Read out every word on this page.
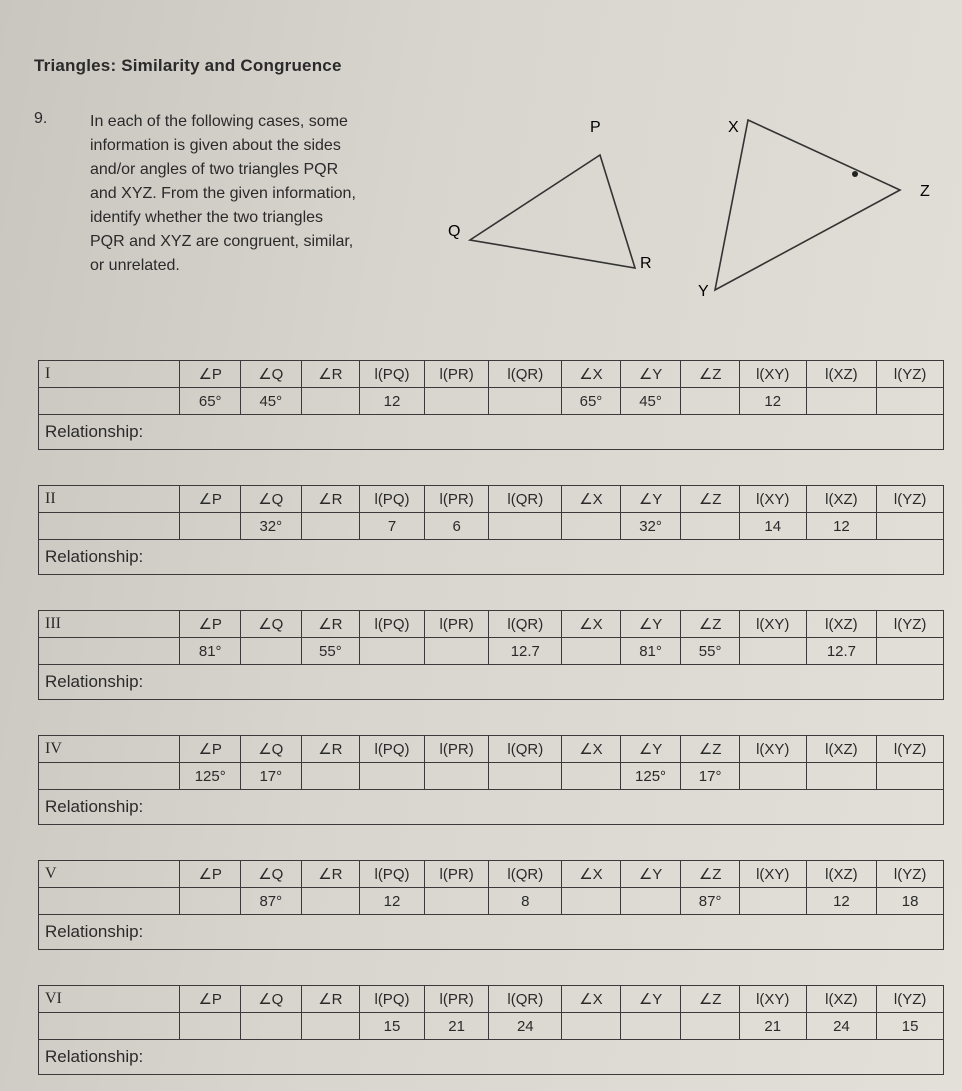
Triangles: Similarity and Congruence
9.	In each of the following cases, some
information is given about the sides
and/or angles of two triangles PQR
and XYZ. From the given information,
identify whether the two triangles
PQR and XYZ are congruent, similar,
or unrelated.
P
Q
R
X
Z
Y
I	∠P	∠Q	∠R	l(PQ)	l(PR)	l(QR)	∠X	∠Y	∠Z	l(XY)	l(XZ)	l(YZ)
	65°	45°		12			65°	45°		12		
Relationship:
II	∠P	∠Q	∠R	l(PQ)	l(PR)	l(QR)	∠X	∠Y	∠Z	l(XY)	l(XZ)	l(YZ)
		32°		7	6			32°		14	12	
Relationship:
III	∠P	∠Q	∠R	l(PQ)	l(PR)	l(QR)	∠X	∠Y	∠Z	l(XY)	l(XZ)	l(YZ)
	81°		55°			12.7		81°	55°		12.7	
Relationship:
IV	∠P	∠Q	∠R	l(PQ)	l(PR)	l(QR)	∠X	∠Y	∠Z	l(XY)	l(XZ)	l(YZ)
	125°	17°						125°	17°			
Relationship:
V	∠P	∠Q	∠R	l(PQ)	l(PR)	l(QR)	∠X	∠Y	∠Z	l(XY)	l(XZ)	l(YZ)
		87°		12		8			87°		12	18
Relationship:
VI	∠P	∠Q	∠R	l(PQ)	l(PR)	l(QR)	∠X	∠Y	∠Z	l(XY)	l(XZ)	l(YZ)
				15	21	24				21	24	15
Relationship:
